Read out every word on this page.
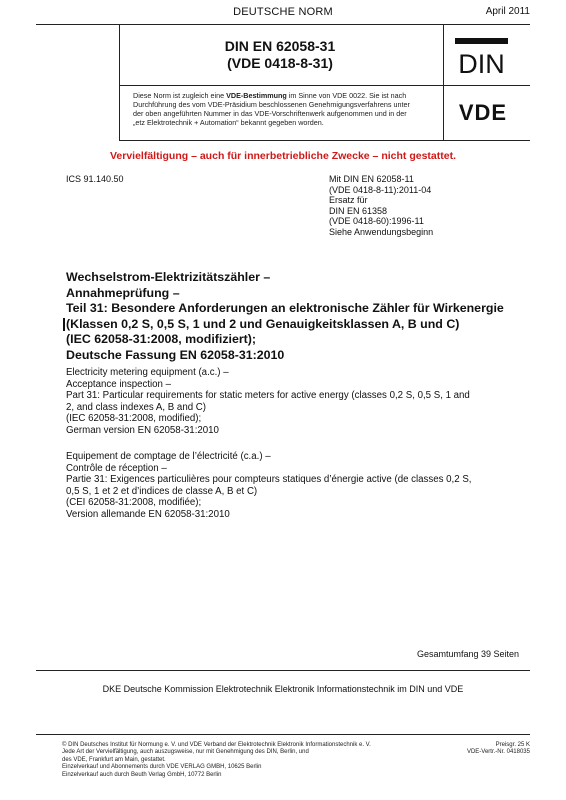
DEUTSCHE NORM	April 2011
DIN EN 62058-31
(VDE 0418-8-31)	DIN
Diese Norm ist zugleich eine VDE-Bestimmung im Sinne von VDE 0022. Sie ist nach
Durchführung des vom VDE-Präsidium beschlossenen Genehmigungsverfahrens unter
der oben angeführten Nummer in das VDE-Vorschriftenwerk aufgenommen und in der
„etz Elektrotechnik + Automation“ bekannt gegeben worden.	VDE
Vervielfältigung – auch für innerbetriebliche Zwecke – nicht gestattet.
ICS 91.140.50	Mit DIN EN 62058-11
(VDE 0418-8-11):2011-04
Ersatz für
DIN EN 61358
(VDE 0418-60):1996-11
Siehe Anwendungsbeginn
Wechselstrom-Elektrizitätszähler –
Annahmeprüfung –
Teil 31: Besondere Anforderungen an elektronische Zähler für Wirkenergie
(Klassen 0,2 S, 0,5 S, 1 und 2 und Genauigkeitsklassen A, B und C)
(IEC 62058-31:2008, modifiziert);
Deutsche Fassung EN 62058-31:2010
Electricity metering equipment (a.c.) –
Acceptance inspection –
Part 31: Particular requirements for static meters for active energy (classes 0,2 S, 0,5 S, 1 and
2, and class indexes A, B and C)
(IEC 62058-31:2008, modified);
German version EN 62058-31:2010
Equipement de comptage de l’électricité (c.a.) –
Contrôle de réception –
Partie 31: Exigences particulières pour compteurs statiques d’énergie active (de classes 0,2 S,
0,5 S, 1 et 2 et d’indices de classe A, B et C)
(CEI 62058-31:2008, modifiée);
Version allemande EN 62058-31:2010
Gesamtumfang 39 Seiten
DKE Deutsche Kommission Elektrotechnik Elektronik Informationstechnik im DIN und VDE
© DIN Deutsches Institut für Normung e. V. und VDE Verband der Elektrotechnik Elektronik Informationstechnik e. V.
Jede Art der Vervielfältigung, auch auszugsweise, nur mit Genehmigung des DIN, Berlin, und
des VDE, Frankfurt am Main, gestattet.
Einzelverkauf und Abonnements durch VDE VERLAG GMBH, 10625 Berlin
Einzelverkauf auch durch Beuth Verlag GmbH, 10772 Berlin
Preisgr. 25 K
VDE-Vertr.-Nr. 0418035
